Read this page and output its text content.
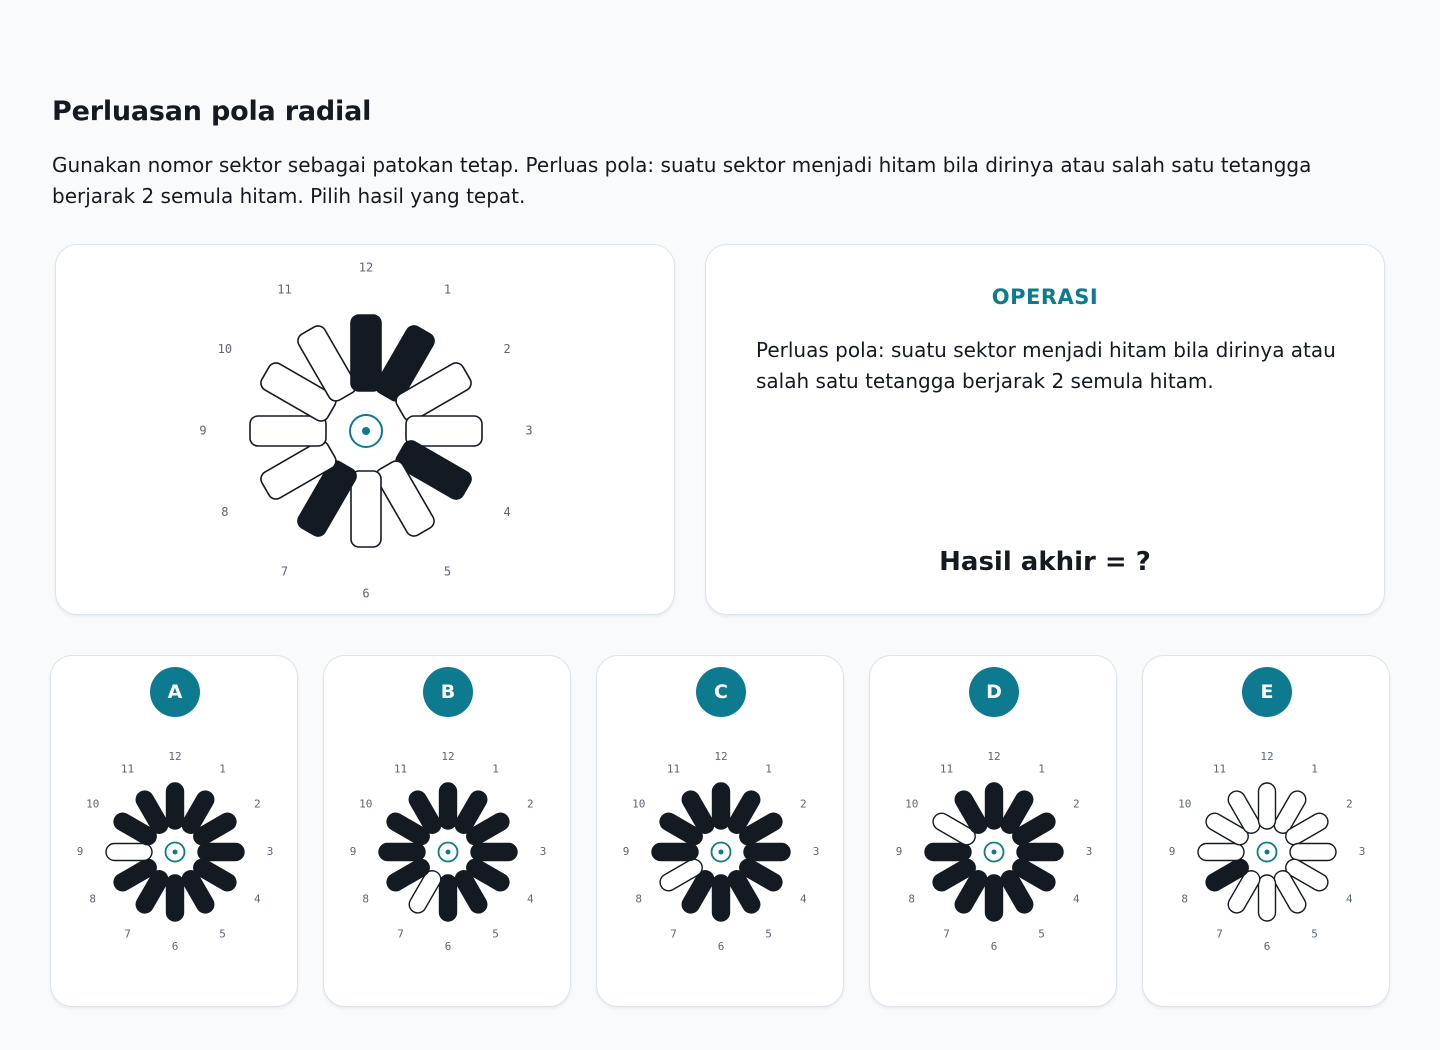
Perluasan pola radial

Gunakan nomor sektor sebagai patokan tetap. Perluas pola: suatu sektor menjadi hitam bila dirinya atau salah satu tetangga berjarak 2 semula hitam. Pilih hasil yang tepat.

1
2
3
4
5
6
7
8
9
10
11
12
OPERASI

Perluas pola: suatu sektor menjadi hitam bila dirinya atau salah satu tetangga berjarak 2 semula hitam.

Hasil akhir = ?
A
1
2
3
4
5
6
7
8
9
10
11
12
B
1
2
3
4
5
6
7
8
9
10
11
12
C
1
2
3
4
5
6
7
8
9
10
11
12
D
1
2
3
4
5
6
7
8
9
10
11
12
E
1
2
3
4
5
6
7
8
9
10
11
12
